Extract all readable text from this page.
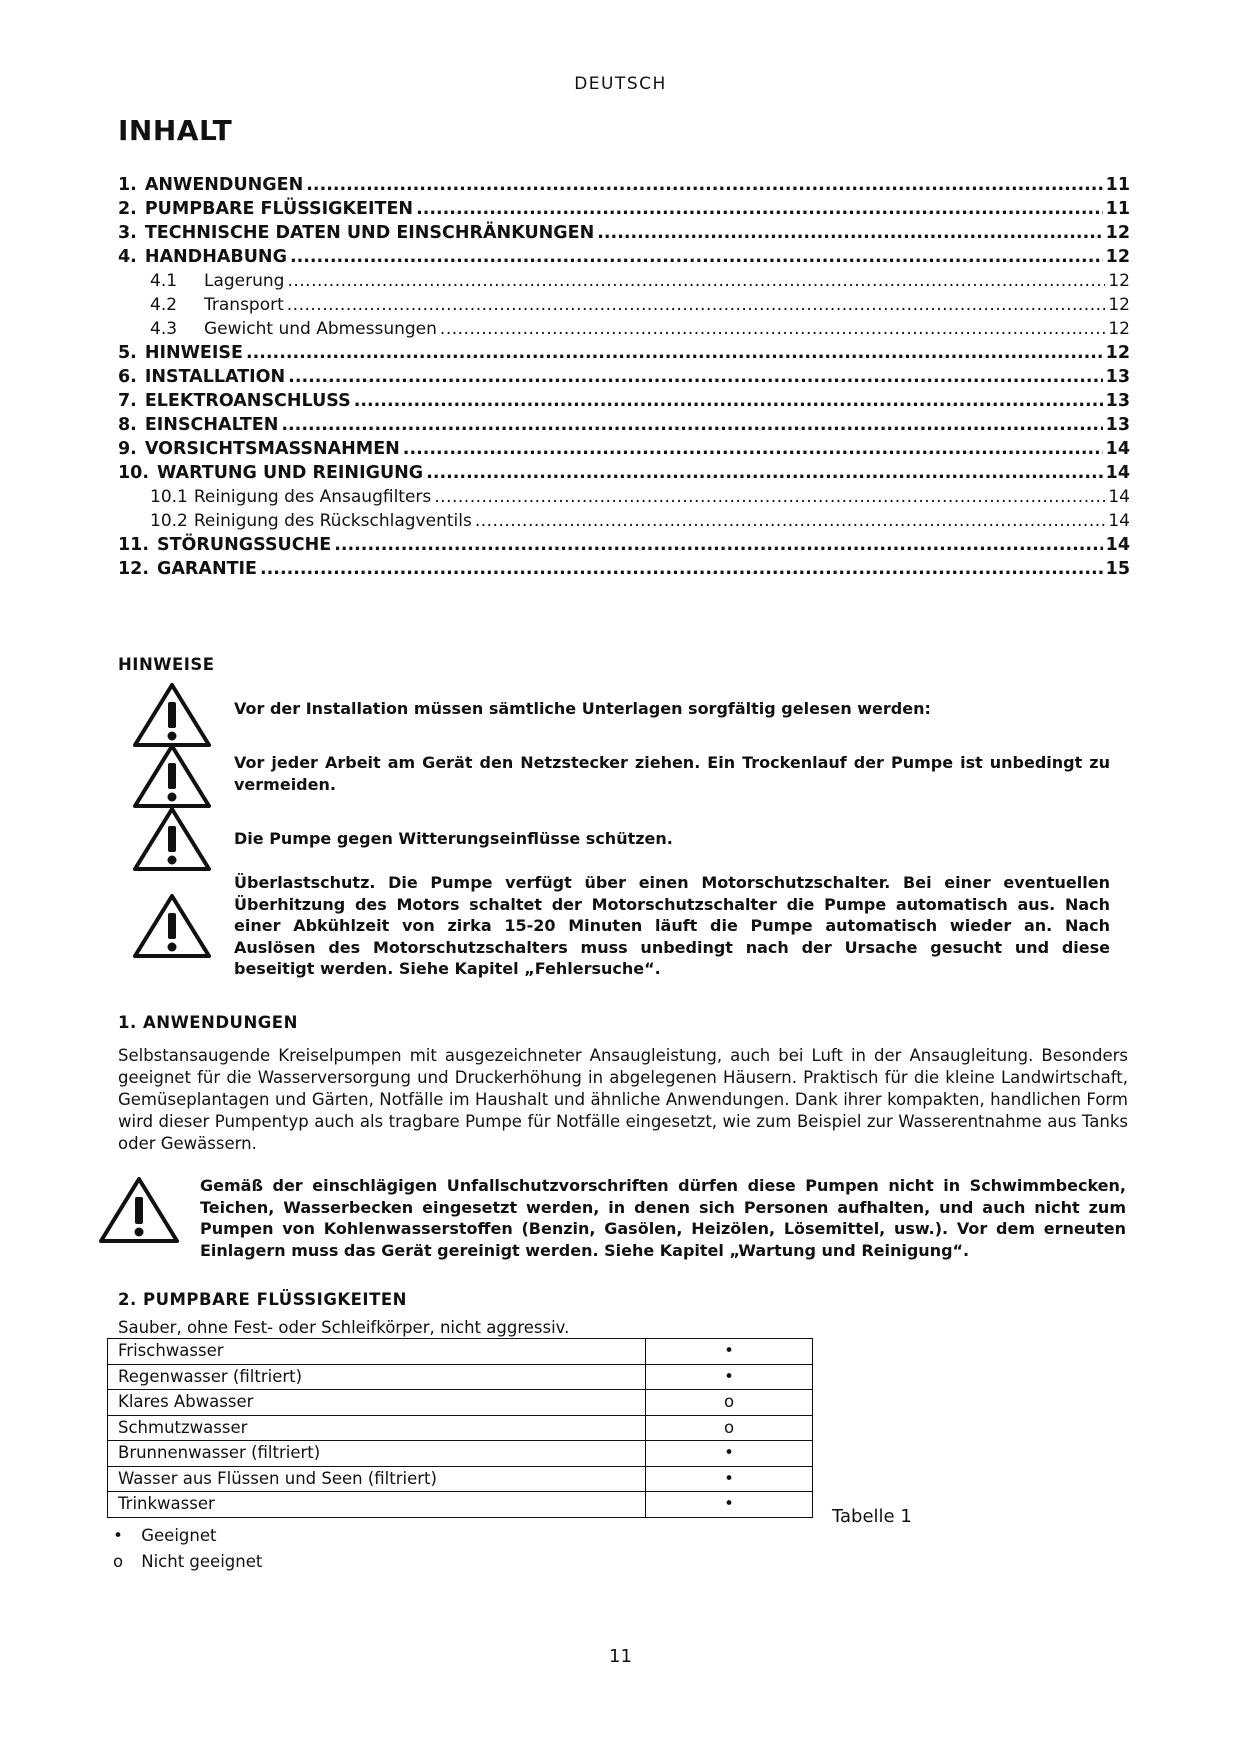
DEUTSCH
INHALT
1. ANWENDUNGEN .....	11
2. PUMPBARE FLÜSSIGKEITEN .....	11
3. TECHNISCHE DATEN UND EINSCHRÄNKUNGEN .....	12
4. HANDHABUNG .....	12
4.1	Lagerung .....	12
4.2	Transport .....	12
4.3	Gewicht und Abmessungen .....	12
5. HINWEISE .....	12
6. INSTALLATION .....	13
7. ELEKTROANSCHLUSS .....	13
8. EINSCHALTEN .....	13
9. VORSICHTSMASSNAHMEN .....	14
10. WARTUNG UND REINIGUNG .....	14
10.1 Reinigung des Ansaugfilters .....	14
10.2 Reinigung des Rückschlagventils .....	14
11. STÖRUNGSSUCHE .....	14
12. GARANTIE .....	15
HINWEISE
Vor der Installation müssen sämtliche Unterlagen sorgfältig gelesen werden:
Vor jeder Arbeit am Gerät den Netzstecker ziehen. Ein Trockenlauf der Pumpe ist unbedingt zu vermeiden.
Die Pumpe gegen Witterungseinflüsse schützen.
Überlastschutz. Die Pumpe verfügt über einen Motorschutzschalter. Bei einer eventuellen Überhitzung des Motors schaltet der Motorschutzschalter die Pumpe automatisch aus. Nach einer Abkühlzeit von zirka 15-20 Minuten läuft die Pumpe automatisch wieder an. Nach Auslösen des Motorschutzschalters muss unbedingt nach der Ursache gesucht und diese beseitigt werden. Siehe Kapitel „Fehlersuche“.
1. ANWENDUNGEN
Selbstansaugende Kreiselpumpen mit ausgezeichneter Ansaugleistung, auch bei Luft in der Ansaugleitung. Besonders geeignet für die Wasserversorgung und Druckerhöhung in abgelegenen Häusern. Praktisch für die kleine Landwirtschaft, Gemüseplantagen und Gärten, Notfälle im Haushalt und ähnliche Anwendungen. Dank ihrer kompakten, handlichen Form wird dieser Pumpentyp auch als tragbare Pumpe für Notfälle eingesetzt, wie zum Beispiel zur Wasserentnahme aus Tanks oder Gewässern.
Gemäß der einschlägigen Unfallschutzvorschriften dürfen diese Pumpen nicht in Schwimmbecken, Teichen, Wasserbecken eingesetzt werden, in denen sich Personen aufhalten, und auch nicht zum Pumpen von Kohlenwasserstoffen (Benzin, Gasölen, Heizölen, Lösemittel, usw.). Vor dem erneuten Einlagern muss das Gerät gereinigt werden. Siehe Kapitel „Wartung und Reinigung“.
2. PUMPBARE FLÜSSIGKEITEN
Sauber, ohne Fest- oder Schleifkörper, nicht aggressiv.
Frischwasser	•
Regenwasser (filtriert)	•
Klares Abwasser	o
Schmutzwasser	o
Brunnenwasser (filtriert)	•
Wasser aus Flüssen und Seen (filtriert)	•
Trinkwasser	•
Tabelle 1
• Geeignet
o Nicht geeignet
11
